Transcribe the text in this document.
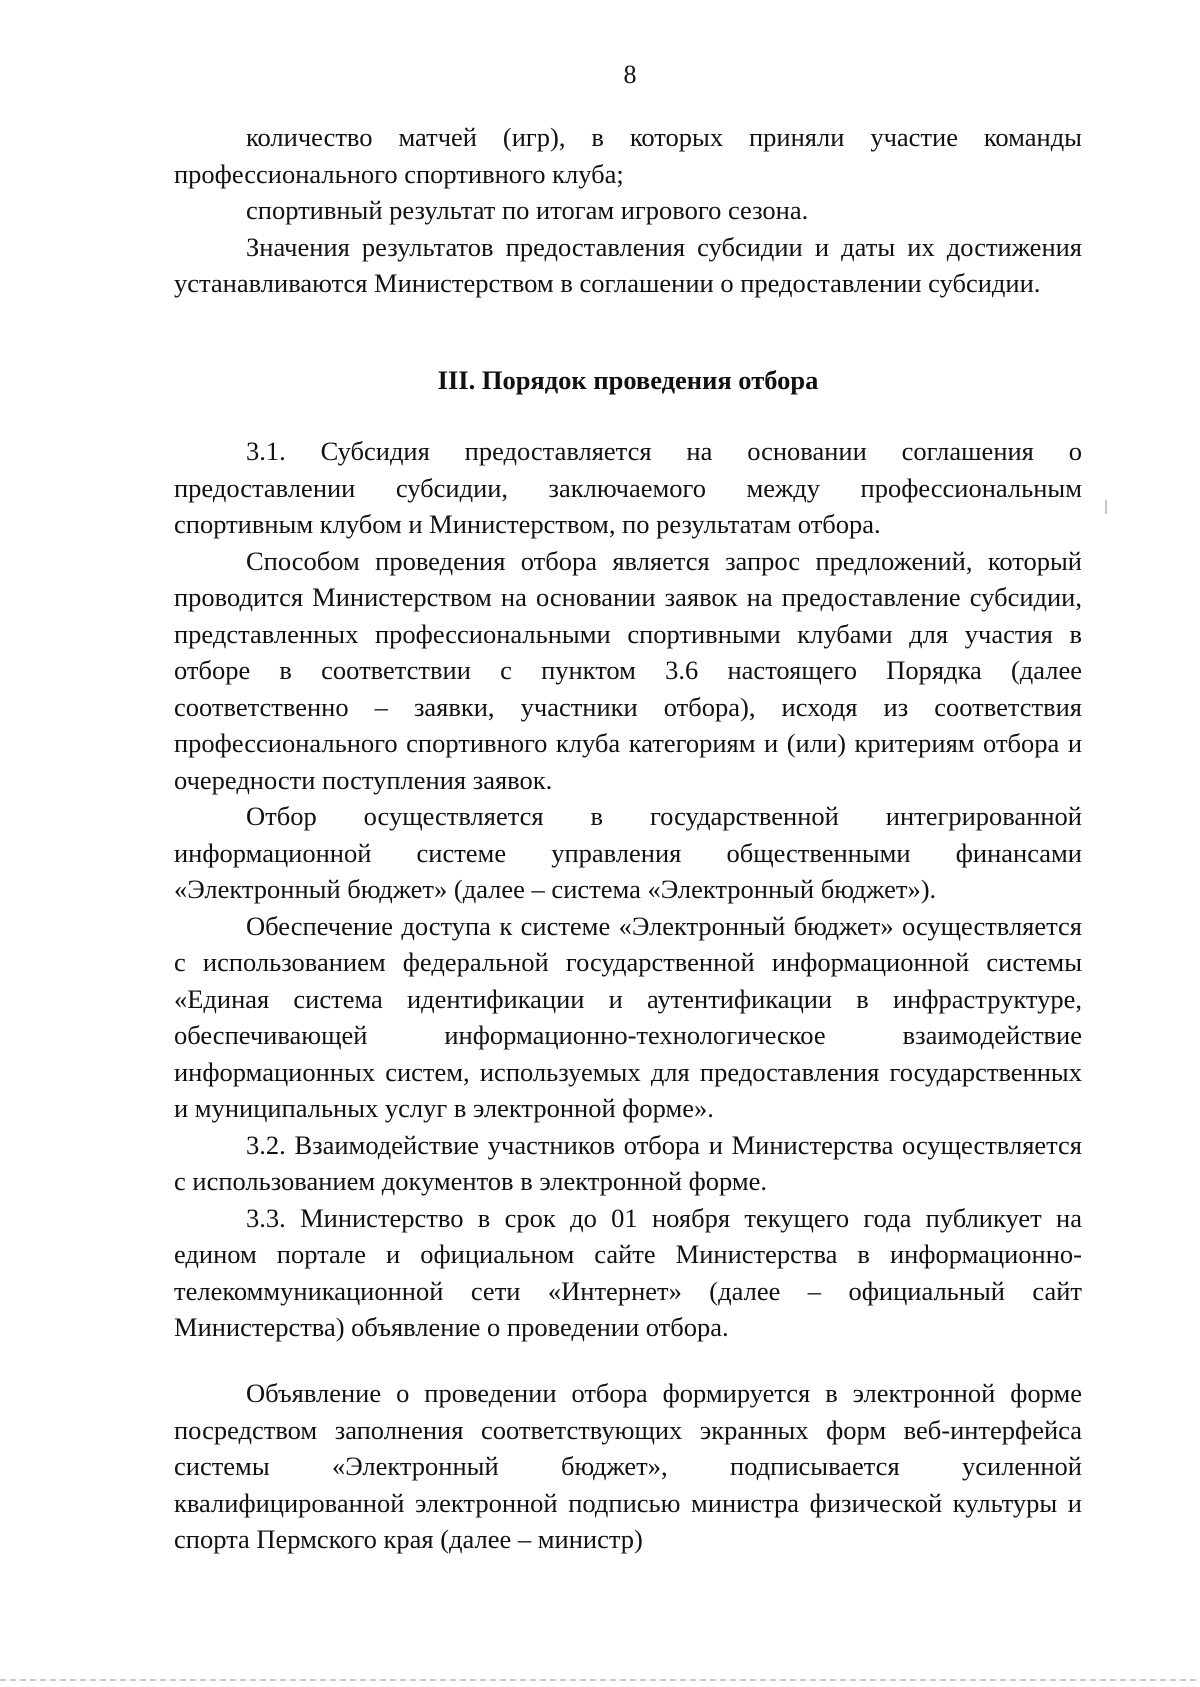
8

количество матчей (игр), в которых приняли участие команды профессионального спортивного клуба;

спортивный результат по итогам игрового сезона.

Значения результатов предоставления субсидии и даты их достижения устанавливаются Министерством в соглашении о предоставлении субсидии.

III. Порядок проведения отбора

3.1. Субсидия предоставляется на основании соглашения о предоставлении субсидии, заключаемого между профессиональным спортивным клубом и Министерством, по результатам отбора.

Способом проведения отбора является запрос предложений, который проводится Министерством на основании заявок на предоставление субсидии, представленных профессиональными спортивными клубами для участия в отборе в соответствии с пунктом 3.6 настоящего Порядка (далее соответственно – заявки, участники отбора), исходя из соответствия профессионального спортивного клуба категориям и (или) критериям отбора и очередности поступления заявок.

Отбор осуществляется в государственной интегрированной информационной системе управления общественными финансами «Электронный бюджет» (далее – система «Электронный бюджет»).

Обеспечение доступа к системе «Электронный бюджет» осуществляется с использованием федеральной государственной информационной системы «Единая система идентификации и аутентификации в инфраструктуре, обеспечивающей информационно-технологическое взаимодействие информационных систем, используемых для предоставления государственных и муниципальных услуг в электронной форме».

3.2. Взаимодействие участников отбора и Министерства осуществляется с использованием документов в электронной форме.

3.3. Министерство в срок до 01 ноября текущего года публикует на едином портале и официальном сайте Министерства в информационно-телекоммуникационной сети «Интернет» (далее – официальный сайт Министерства) объявление о проведении отбора.

Объявление о проведении отбора формируется в электронной форме посредством заполнения соответствующих экранных форм веб-интерфейса системы «Электронный бюджет», подписывается усиленной квалифицированной электронной подписью министра физической культуры и спорта Пермского края (далее – министр)
